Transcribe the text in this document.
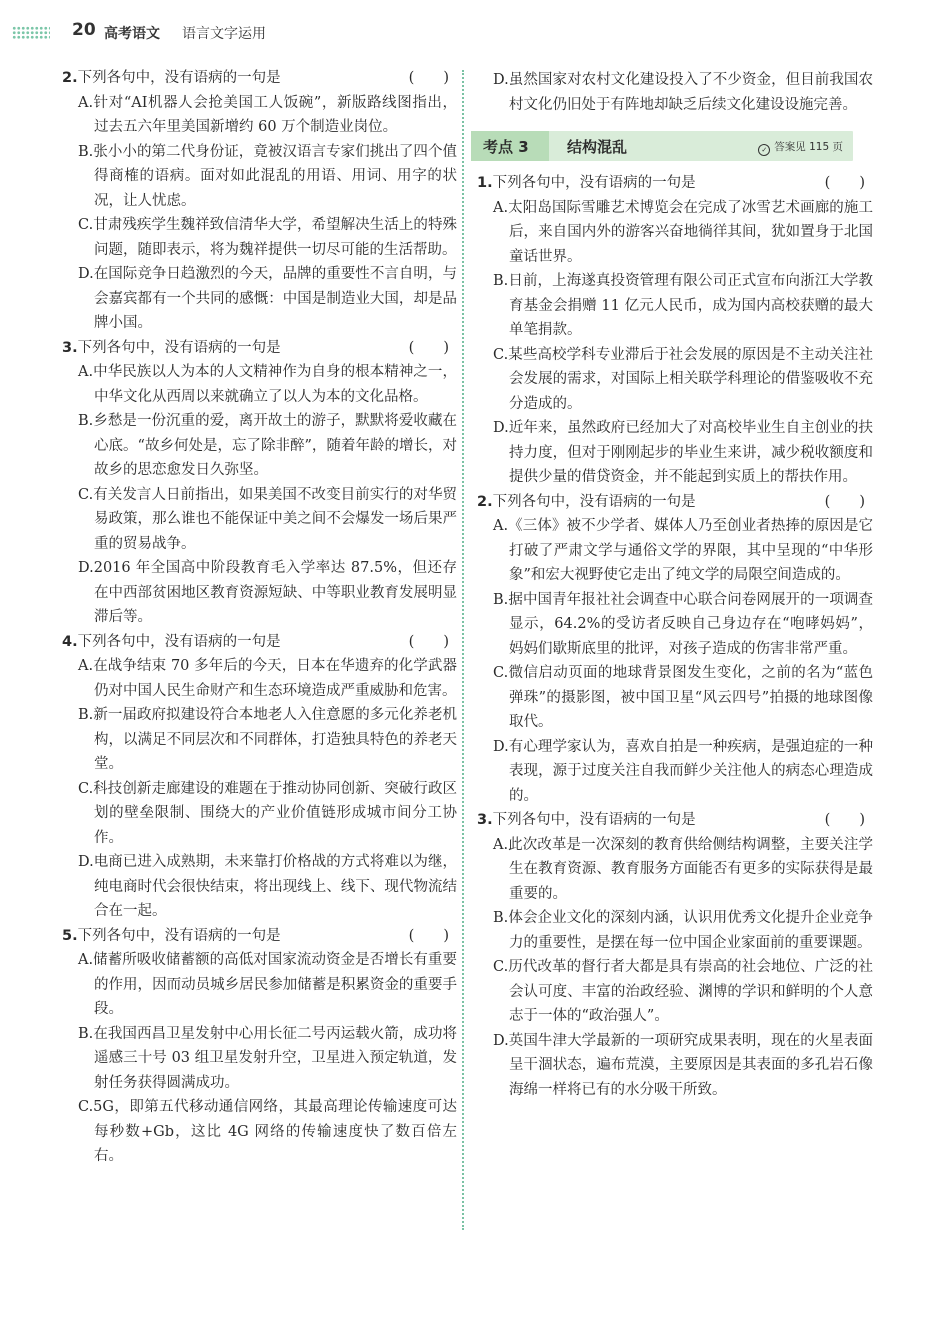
20 高考语文 语言文字运用
2.下列各句中，没有语病的一句是	(　　)

A.针对“AI机器人会抢美国工人饭碗”，新版路线图指出，过去五六年里美国新增约 60 万个制造业岗位。

B.张小小的第二代身份证，竟被汉语言专家们挑出了四个值得商榷的语病。面对如此混乱的用语、用词、用字的状况，让人忧虑。

C.甘肃残疾学生魏祥致信清华大学，希望解决生活上的特殊问题，随即表示，将为魏祥提供一切尽可能的生活帮助。

D.在国际竞争日趋激烈的今天，品牌的重要性不言自明，与会嘉宾都有一个共同的感慨：中国是制造业大国，却是品牌小国。

3.下列各句中，没有语病的一句是	(　　)

A.中华民族以人为本的人文精神作为自身的根本精神之一，中华文化从西周以来就确立了以人为本的文化品格。

B.乡愁是一份沉重的爱，离开故土的游子，默默将爱收藏在心底。“故乡何处是，忘了除非醉”，随着年龄的增长，对故乡的思恋愈发日久弥坚。

C.有关发言人日前指出，如果美国不改变目前实行的对华贸易政策，那么谁也不能保证中美之间不会爆发一场后果严重的贸易战争。

D.2016 年全国高中阶段教育毛入学率达 87.5%，但还存在中西部贫困地区教育资源短缺、中等职业教育发展明显滞后等。

4.下列各句中，没有语病的一句是	(　　)

A.在战争结束 70 多年后的今天，日本在华遗弃的化学武器仍对中国人民生命财产和生态环境造成严重威胁和危害。

B.新一届政府拟建设符合本地老人入住意愿的多元化养老机构，以满足不同层次和不同群体，打造独具特色的养老天堂。

C.科技创新走廊建设的难题在于推动协同创新、突破行政区划的壁垒限制、围绕大的产业价值链形成城市间分工协作。

D.电商已进入成熟期，未来靠打价格战的方式将难以为继，纯电商时代会很快结束，将出现线上、线下、现代物流结合在一起。

5.下列各句中，没有语病的一句是	(　　)

A.储蓄所吸收储蓄额的高低对国家流动资金是否增长有重要的作用，因而动员城乡居民参加储蓄是积累资金的重要手段。

B.在我国西昌卫星发射中心用长征二号丙运载火箭，成功将遥感三十号 03 组卫星发射升空，卫星进入预定轨道，发射任务获得圆满成功。

C.5G，即第五代移动通信网络，其最高理论传输速度可达每秒数+Gb，这比 4G 网络的传输速度快了数百倍左右。

D.虽然国家对农村文化建设投入了不少资金，但目前我国农村文化仍旧处于有阵地却缺乏后续文化建设设施完善。

考点 3	结构混乱	✓ 答案见 115 页
1.下列各句中，没有语病的一句是	(　　)

A.太阳岛国际雪雕艺术博览会在完成了冰雪艺术画廊的施工后，来自国内外的游客兴奋地徜徉其间，犹如置身于北国童话世界。

B.日前，上海遂真投资管理有限公司正式宣布向浙江大学教育基金会捐赠 11 亿元人民币，成为国内高校获赠的最大单笔捐款。

C.某些高校学科专业滞后于社会发展的原因是不主动关注社会发展的需求，对国际上相关联学科理论的借鉴吸收不充分造成的。

D.近年来，虽然政府已经加大了对高校毕业生自主创业的扶持力度，但对于刚刚起步的毕业生来讲，减少税收额度和提供少量的借贷资金，并不能起到实质上的帮扶作用。

2.下列各句中，没有语病的一句是	(　　)

A.《三体》被不少学者、媒体人乃至创业者热捧的原因是它打破了严肃文学与通俗文学的界限，其中呈现的“中华形象”和宏大视野使它走出了纯文学的局限空间造成的。

B.据中国青年报社社会调查中心联合问卷网展开的一项调查显示，64.2%的受访者反映自己身边存在“咆哮妈妈”，妈妈们歇斯底里的批评，对孩子造成的伤害非常严重。

C.微信启动页面的地球背景图发生变化，之前的名为“蓝色弹珠”的摄影图，被中国卫星“风云四号”拍摄的地球图像取代。

D.有心理学家认为，喜欢自拍是一种疾病，是强迫症的一种表现，源于过度关注自我而鲜少关注他人的病态心理造成的。

3.下列各句中，没有语病的一句是	(　　)

A.此次改革是一次深刻的教育供给侧结构调整，主要关注学生在教育资源、教育服务方面能否有更多的实际获得是最重要的。

B.体会企业文化的深刻内涵，认识用优秀文化提升企业竞争力的重要性，是摆在每一位中国企业家面前的重要课题。

C.历代改革的督行者大都是具有崇高的社会地位、广泛的社会认可度、丰富的治政经验、渊博的学识和鲜明的个人意志于一体的“政治强人”。

D.英国牛津大学最新的一项研究成果表明，现在的火星表面呈干涸状态，遍布荒漠，主要原因是其表面的多孔岩石像海绵一样将已有的水分吸干所致。
